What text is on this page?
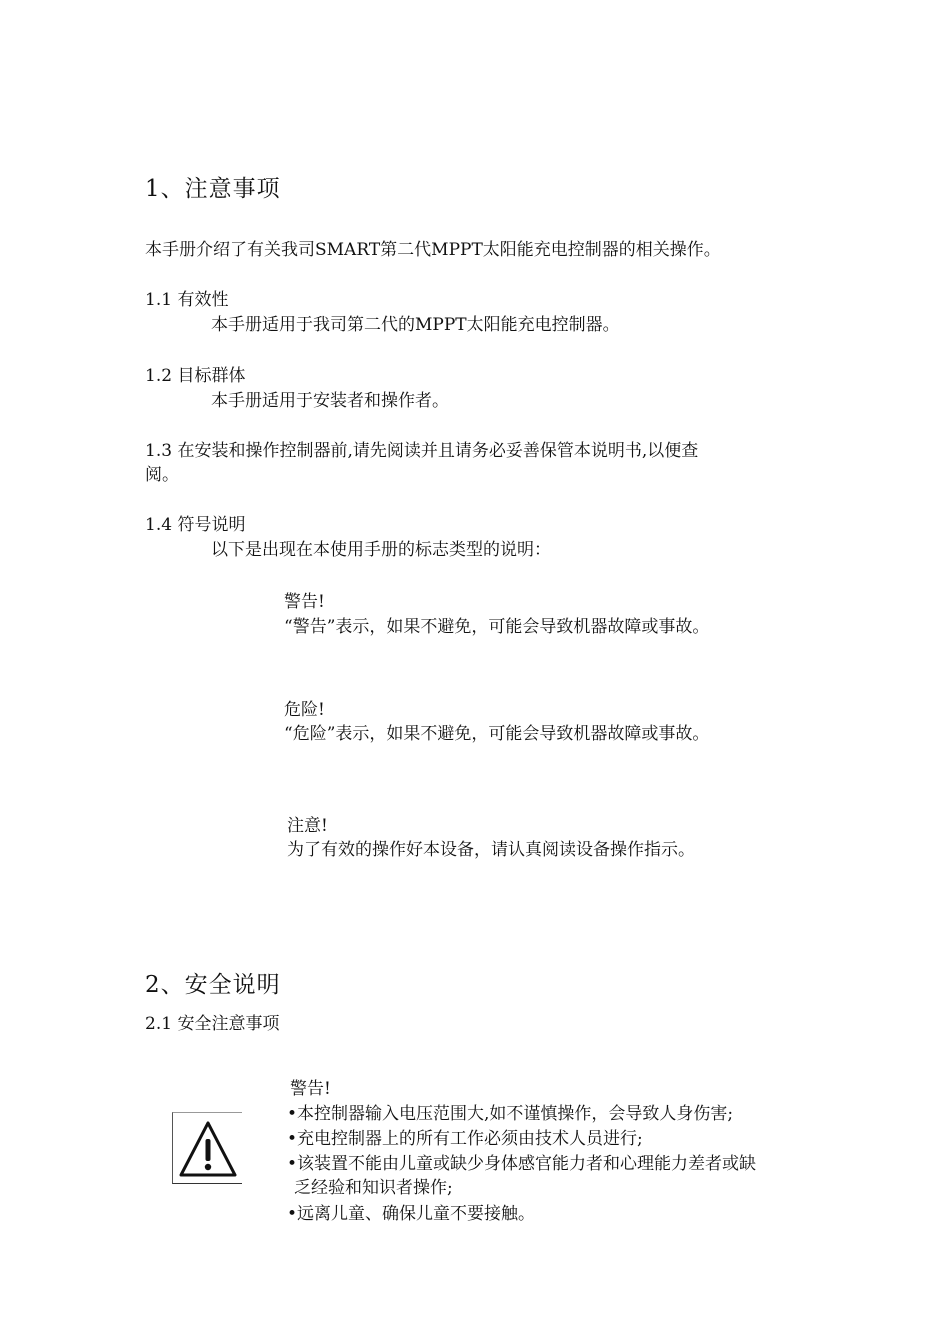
1、注意事项
本手册介绍了有关我司SMART第二代MPPT太阳能充电控制器的相关操作。
1.1 有效性
本手册适用于我司第二代的MPPT太阳能充电控制器。
1.2 目标群体
本手册适用于安装者和操作者。
1.3 在安装和操作控制器前,请先阅读并且请务必妥善保管本说明书,以便查
阅。
1.4 符号说明
以下是出现在本使用手册的标志类型的说明：
警告!
“警告”表示，如果不避免，可能会导致机器故障或事故。
危险!
“危险”表示，如果不避免，可能会导致机器故障或事故。
注意!
为了有效的操作好本设备，请认真阅读设备操作指示。
2、安全说明
2.1 安全注意事项
警告!
•本控制器输入电压范围大,如不谨慎操作，会导致人身伤害;
•充电控制器上的所有工作必须由技术人员进行;
•该装置不能由儿童或缺少身体感官能力者和心理能力差者或缺
乏经验和知识者操作;
•远离儿童、确保儿童不要接触。
